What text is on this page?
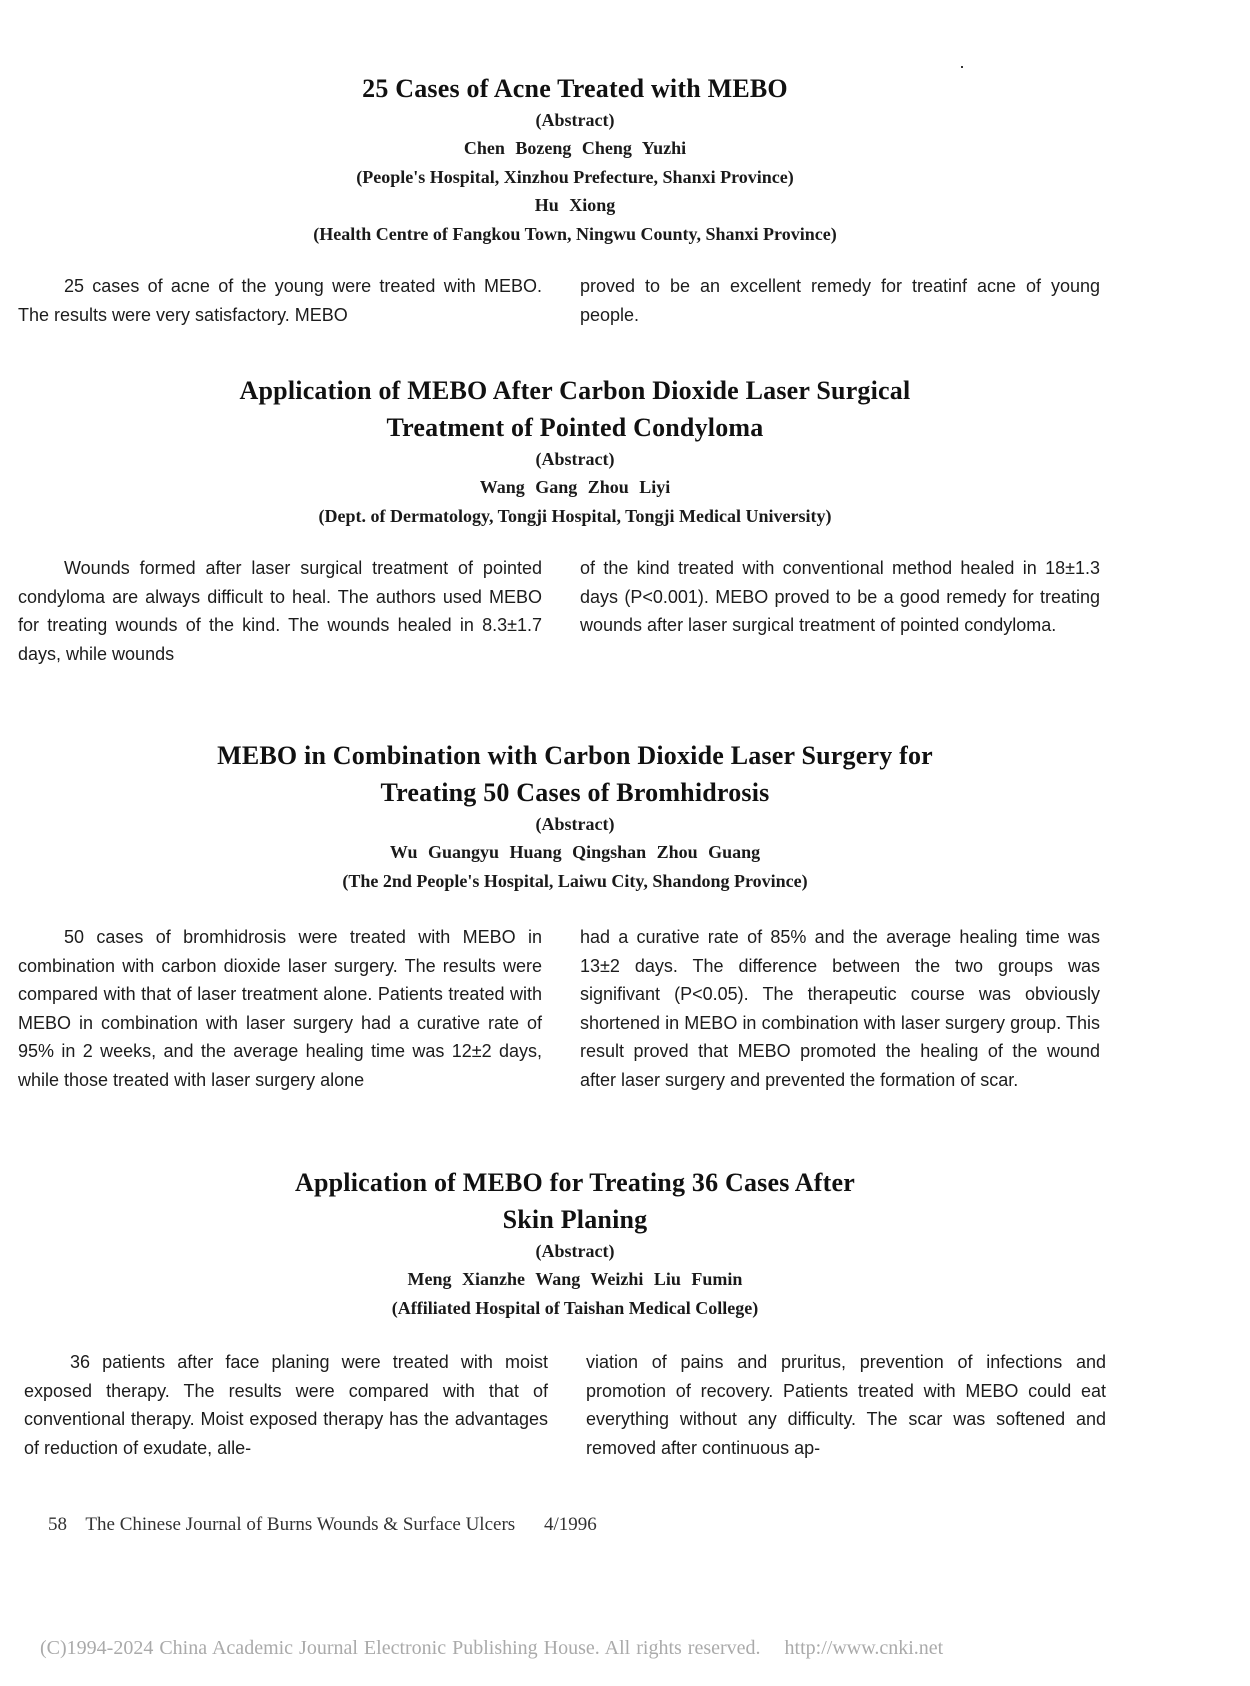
25 Cases of Acne Treated with MEBO
(Abstract)
Chen Bozeng Cheng Yuzhi
(People's Hospital, Xinzhou Prefecture, Shanxi Province)
Hu Xiong
(Health Centre of Fangkou Town, Ningwu County, Shanxi Province)

25 cases of acne of the young were treated with MEBO. The results were very satisfactory. MEBO

proved to be an excellent remedy for treatinf acne of young people.

Application of MEBO After Carbon Dioxide Laser Surgical
Treatment of Pointed Condyloma
(Abstract)
Wang Gang Zhou Liyi
(Dept. of Dermatology, Tongji Hospital, Tongji Medical University)

Wounds formed after laser surgical treatment of pointed condyloma are always difficult to heal. The authors used MEBO for treating wounds of the kind. The wounds healed in 8.3±1.7 days, while wounds

of the kind treated with conventional method healed in 18±1.3 days (P<0.001). MEBO proved to be a good remedy for treating wounds after laser surgical treatment of pointed condyloma.

MEBO in Combination with Carbon Dioxide Laser Surgery for
Treating 50 Cases of Bromhidrosis
(Abstract)
Wu Guangyu Huang Qingshan Zhou Guang
(The 2nd People's Hospital, Laiwu City, Shandong Province)

50 cases of bromhidrosis were treated with MEBO in combination with carbon dioxide laser surgery. The results were compared with that of laser treatment alone. Patients treated with MEBO in combination with laser surgery had a curative rate of 95% in 2 weeks, and the average healing time was 12±2 days, while those treated with laser surgery alone

had a curative rate of 85% and the average healing time was 13±2 days. The difference between the two groups was signifivant (P<0.05). The therapeutic course was obviously shortened in MEBO in combination with laser surgery group. This result proved that MEBO promoted the healing of the wound after laser surgery and prevented the formation of scar.

Application of MEBO for Treating 36 Cases After
Skin Planing
(Abstract)
Meng Xianzhe Wang Weizhi Liu Fumin
(Affiliated Hospital of Taishan Medical College)

36 patients after face planing were treated with moist exposed therapy. The results were compared with that of conventional therapy. Moist exposed therapy has the advantages of reduction of exudate, alle-

viation of pains and pruritus, prevention of infections and promotion of recovery. Patients treated with MEBO could eat everything without any difficulty. The scar was softened and removed after continuous ap-

58 The Chinese Journal of Burns Wounds & Surface Ulcers 4/1996
(C)1994-2024 China Academic Journal Electronic Publishing House. All rights reserved. http://www.cnki.net
